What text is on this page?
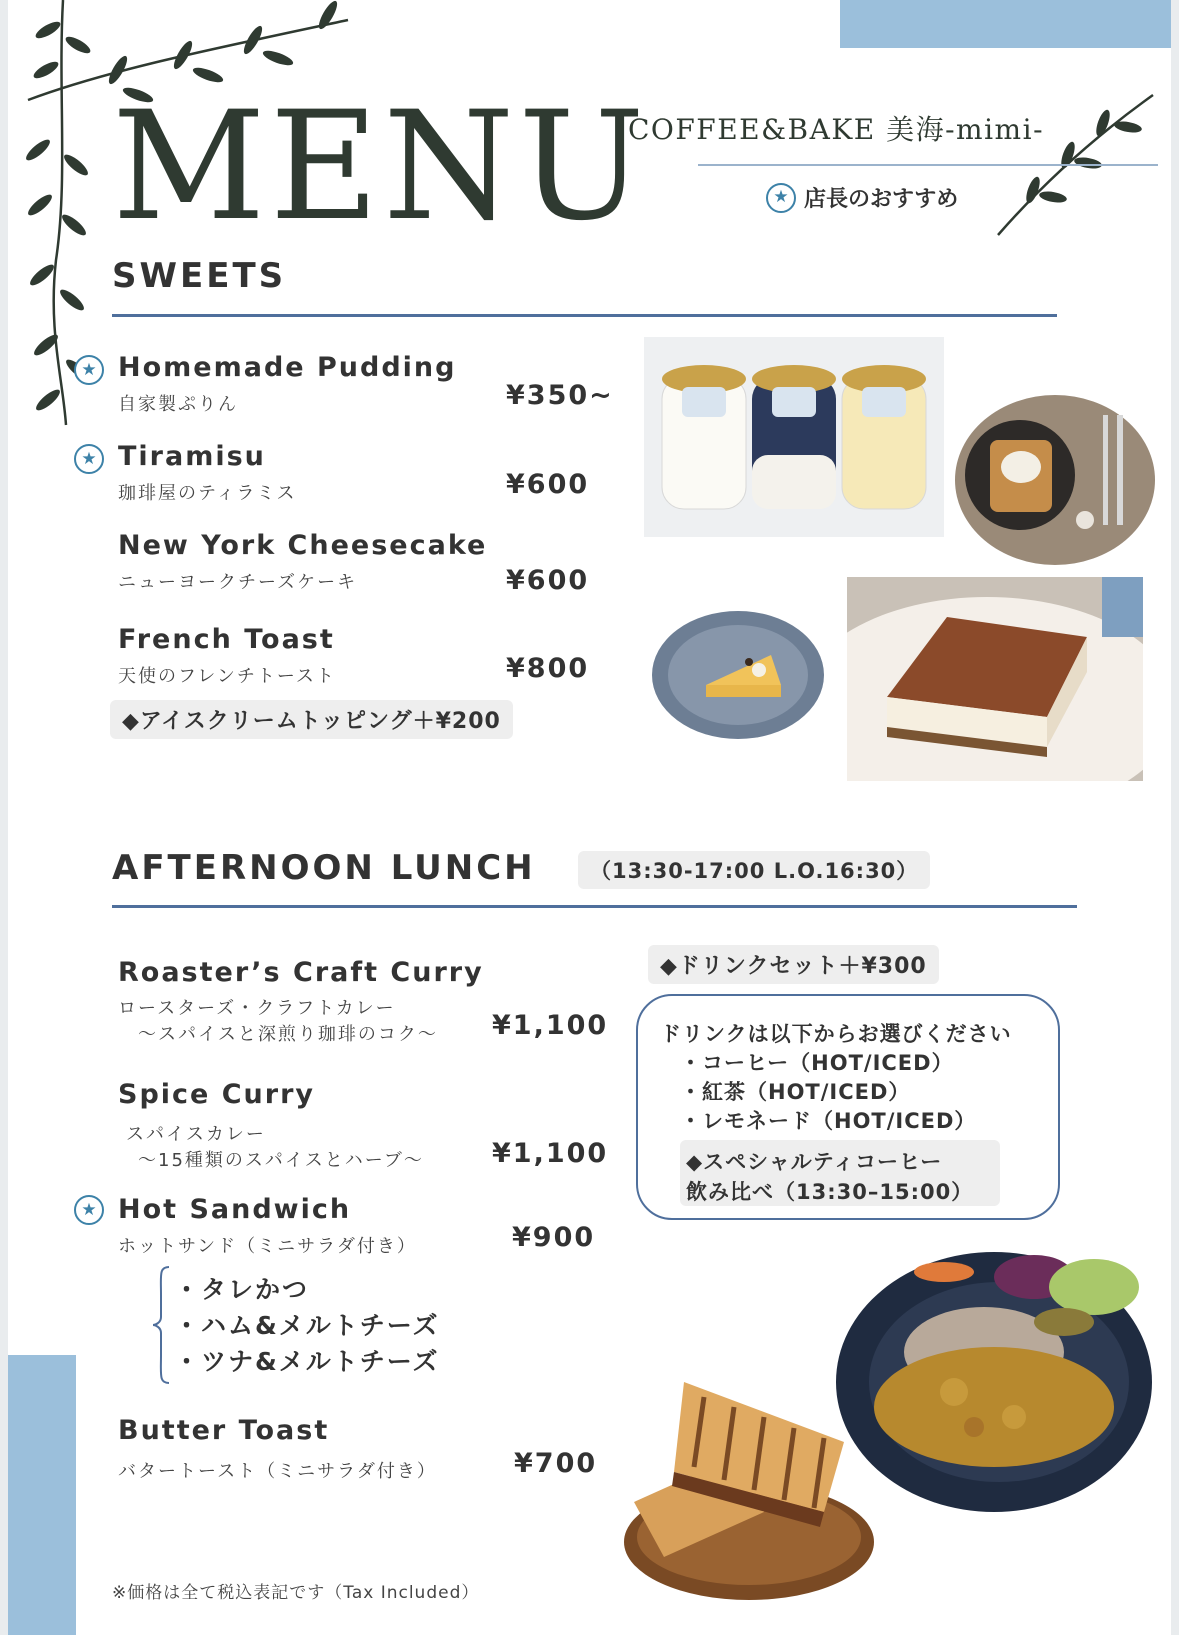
MENU
COFFEE&BAKE 美海-mimi-
★ 店長のおすすめ
SWEETS
★ Homemade Pudding
自家製ぷりん	¥350~
★ Tiramisu
珈琲屋のティラミス	¥600
New York Cheesecake
ニューヨークチーズケーキ	¥600
French Toast
天使のフレンチトースト	¥800
◆アイスクリームトッピング＋¥200
AFTERNOON LUNCH	（13:30-17:00 L.O.16:30）
Roaster’s Craft Curry
ロースターズ・クラフトカレー
〜スパイスと深煎り珈琲のコク〜 ¥1,100
Spice Curry
スパイスカレー
〜15種類のスパイスとハーブ〜	¥1,100
★ Hot Sandwich
ホットサンド（ミニサラダ付き）	¥900
・タレかつ
・ハム&メルトチーズ
・ツナ&メルトチーズ
Butter Toast
バタートースト（ミニサラダ付き）	¥700
◆ドリンクセット＋¥300
ドリンクは以下からお選びください
・コーヒー（HOT/ICED）
・紅茶（HOT/ICED）
・レモネード（HOT/ICED）
◆スペシャルティコーヒー
飲み比べ（13:30–15:00）
※価格は全て税込表記です（Tax Included）
